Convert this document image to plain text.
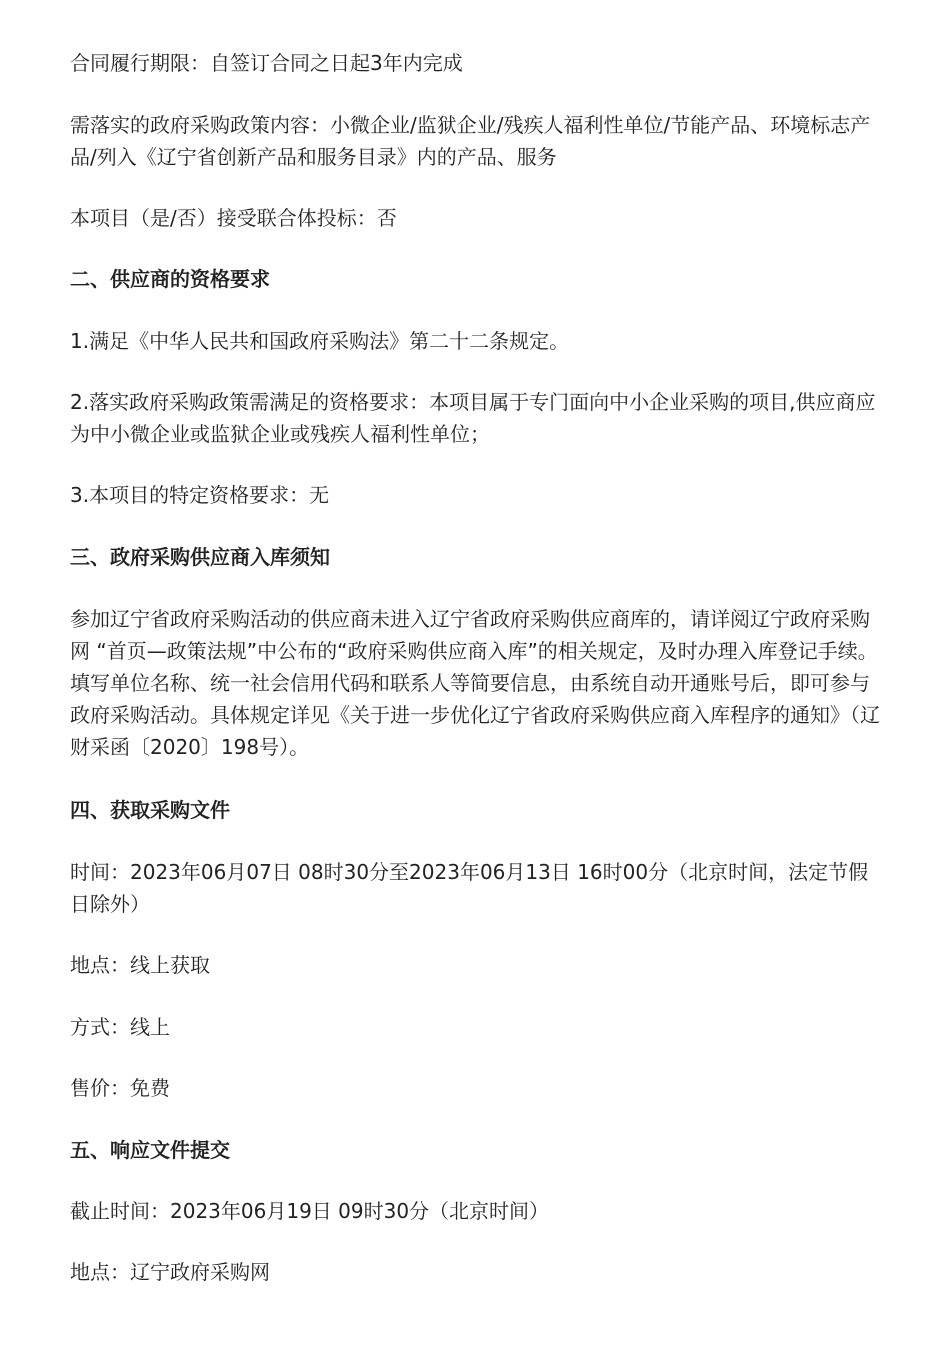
合同履行期限：自签订合同之日起3年内完成

需落实的政府采购政策内容：小微企业/监狱企业/残疾人福利性单位/节能产品、环境标志产品/列入《辽宁省创新产品和服务目录》内的产品、服务

本项目（是/否）接受联合体投标：否

二、供应商的资格要求

1.满足《中华人民共和国政府采购法》第二十二条规定。

2.落实政府采购政策需满足的资格要求：本项目属于专门面向中小企业采购的项目,供应商应为中小微企业或监狱企业或残疾人福利性单位；

3.本项目的特定资格要求：无

三、政府采购供应商入库须知

参加辽宁省政府采购活动的供应商未进入辽宁省政府采购供应商库的，请详阅辽宁政府采购网 “首页—政策法规”中公布的“政府采购供应商入库”的相关规定，及时办理入库登记手续。填写单位名称、统一社会信用代码和联系人等简要信息，由系统自动开通账号后，即可参与政府采购活动。具体规定详见《关于进一步优化辽宁省政府采购供应商入库程序的通知》（辽财采函〔2020〕198号）。

四、获取采购文件

时间：2023年06月07日 08时30分至2023年06月13日 16时00分（北京时间，法定节假日除外）

地点：线上获取

方式：线上

售价：免费

五、响应文件提交

截止时间：2023年06月19日 09时30分（北京时间）

地点：辽宁政府采购网
